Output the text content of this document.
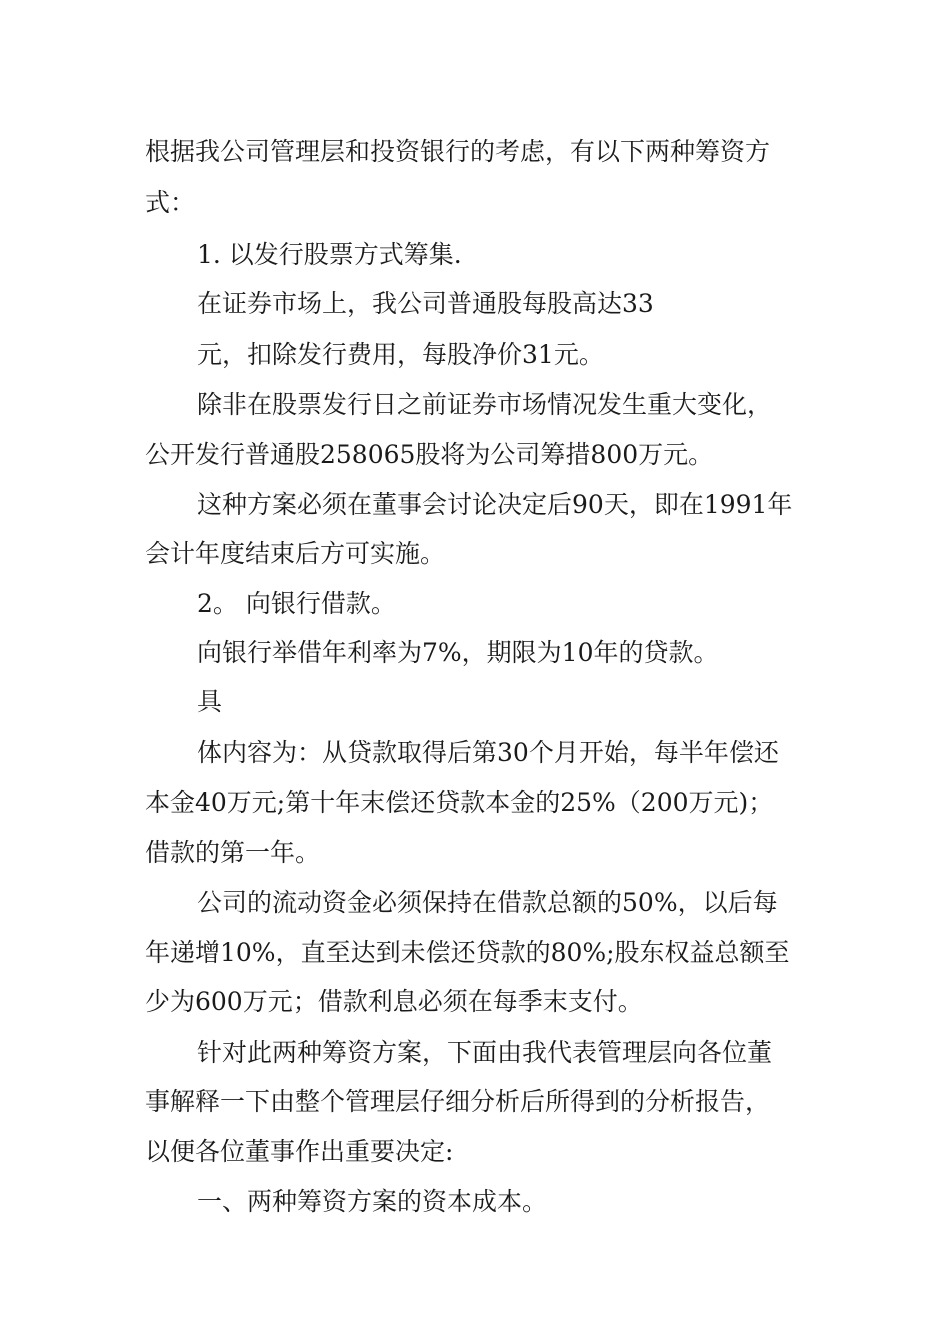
根据我公司管理层和投资银行的考虑，有以下两种筹资方
式：
1. 以发行股票方式筹集.
在证券市场上，我公司普通股每股高达33
元，扣除发行费用，每股净价31元。
除非在股票发行日之前证券市场情况发生重大变化，
公开发行普通股258065股将为公司筹措800万元。
这种方案必须在董事会讨论决定后90天，即在1991年
会计年度结束后方可实施。
2。 向银行借款。
向银行举借年利率为7%，期限为10年的贷款。
具
体内容为：从贷款取得后第30个月开始，每半年偿还
本金40万元;第十年末偿还贷款本金的25%（200万元)；
借款的第一年。
公司的流动资金必须保持在借款总额的50%，以后每
年递增10%，直至达到未偿还贷款的80%;股东权益总额至
少为600万元；借款利息必须在每季末支付。
针对此两种筹资方案，下面由我代表管理层向各位董
事解释一下由整个管理层仔细分析后所得到的分析报告，
以便各位董事作出重要决定:
一、两种筹资方案的资本成本。
